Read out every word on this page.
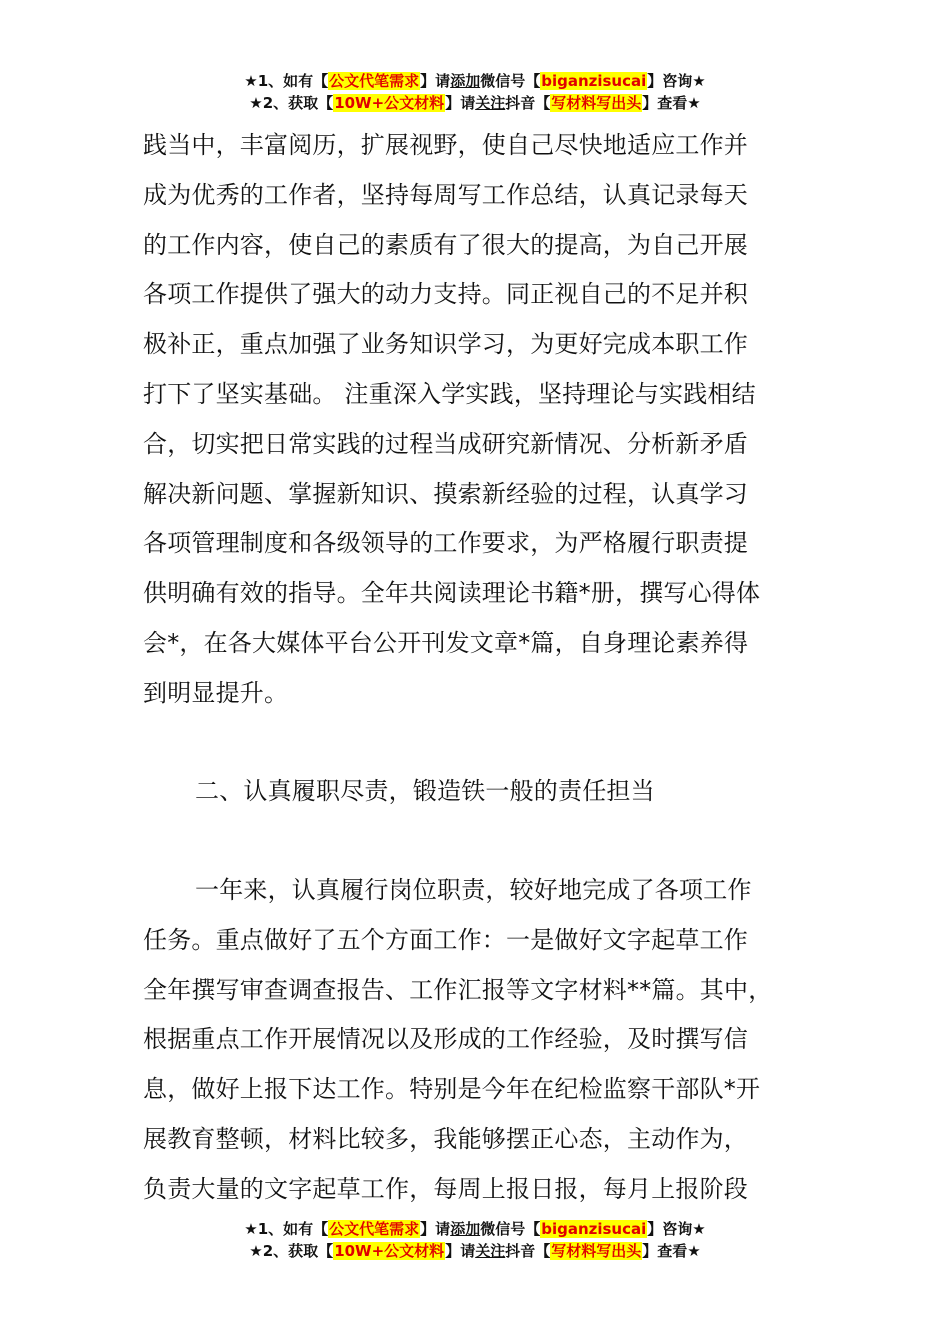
★1、如有【公文代笔需求】请添加微信号【biganzisucai】咨询★
★2、获取【10W+公文材料】请关注抖音【写材料写出头】查看★
践当中，丰富阅历，扩展视野，使自己尽快地适应工作并
成为优秀的工作者，坚持每周写工作总结，认真记录每天
的工作内容，使自己的素质有了很大的提高，为自己开展
各项工作提供了强大的动力支持。同正视自己的不足并积
极补正，重点加强了业务知识学习，为更好完成本职工作
打下了坚实基础。 注重深入学实践，坚持理论与实践相结
合，切实把日常实践的过程当成研究新情况、分析新矛盾
解决新问题、掌握新知识、摸索新经验的过程，认真学习
各项管理制度和各级领导的工作要求，为严格履行职责提
供明确有效的指导。全年共阅读理论书籍*册，撰写心得体
会*，在各大媒体平台公开刊发文章*篇，自身理论素养得
到明显提升。
二、认真履职尽责，锻造铁一般的责任担当
一年来，认真履行岗位职责，较好地完成了各项工作
任务。重点做好了五个方面工作：一是做好文字起草工作
全年撰写审查调查报告、工作汇报等文字材料**篇。其中，
根据重点工作开展情况以及形成的工作经验，及时撰写信
息，做好上报下达工作。特别是今年在纪检监察干部队*开
展教育整顿，材料比较多，我能够摆正心态，主动作为，
负责大量的文字起草工作，每周上报日报，每月上报阶段
★1、如有【公文代笔需求】请添加微信号【biganzisucai】咨询★
★2、获取【10W+公文材料】请关注抖音【写材料写出头】查看★
